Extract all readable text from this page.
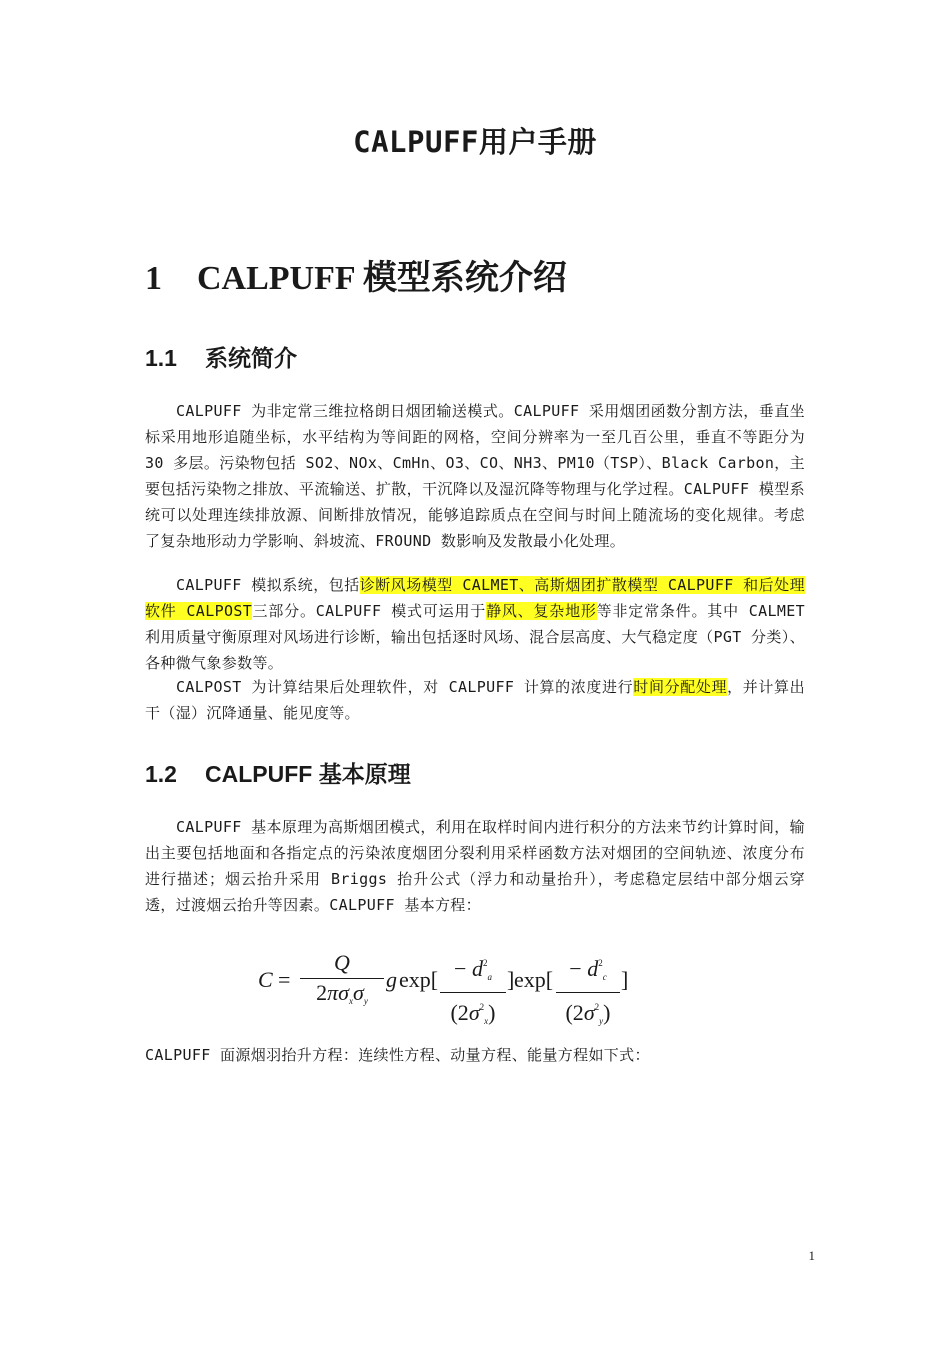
CALPUFF用户手册
1 CALPUFF 模型系统介绍
1.1 系统简介

CALPUFF 为非定常三维拉格朗日烟团输送模式。CALPUFF 采用烟团函数分割方法，垂直坐标采用地形追随坐标，水平结构为等间距的网格，空间分辨率为一至几百公里，垂直不等距分为 30 多层。污染物包括 SO2、NOx、CmHn、O3、CO、NH3、PM10（TSP）、Black Carbon，主要包括污染物之排放、平流输送、扩散，干沉降以及湿沉降等物理与化学过程。CALPUFF 模型系统可以处理连续排放源、间断排放情况，能够追踪质点在空间与时间上随流场的变化规律。考虑了复杂地形动力学影响、斜坡流、FROUND 数影响及发散最小化处理。

CALPUFF 模拟系统，包括诊断风场模型 CALMET、高斯烟团扩散模型 CALPUFF 和后处理软件 CALPOST三部分。CALPUFF 模式可运用于静风、复杂地形等非定常条件。其中 CALMET 利用质量守衡原理对风场进行诊断，输出包括逐时风场、混合层高度、大气稳定度（PGT 分类）、各种微气象参数等。

CALPOST 为计算结果后处理软件，对 CALPUFF 计算的浓度进行时间分配处理，并计算出干（湿）沉降通量、能见度等。

1.2 CALPUFF 基本原理

CALPUFF 基本原理为高斯烟团模式，利用在取样时间内进行积分的方法来节约计算时间，输出主要包括地面和各指定点的污染浓度烟团分裂利用采样函数方法对烟团的空间轨迹、浓度分布进行描述；烟云抬升采用 Briggs 抬升公式（浮力和动量抬升），考虑稳定层结中部分烟云穿透，过渡烟云抬升等因素。CALPUFF 基本方程：

C =
Q
$2\pi\sigma_x\sigma_y$
g $\exp[ \frac{- d^2_a}{(2\sigma^2_x)}$ ] $\exp[ \frac{- d^2_c}{(2\sigma^2_y)}$ ]

CALPUFF 面源烟羽抬升方程：连续性方程、动量方程、能量方程如下式：

1
